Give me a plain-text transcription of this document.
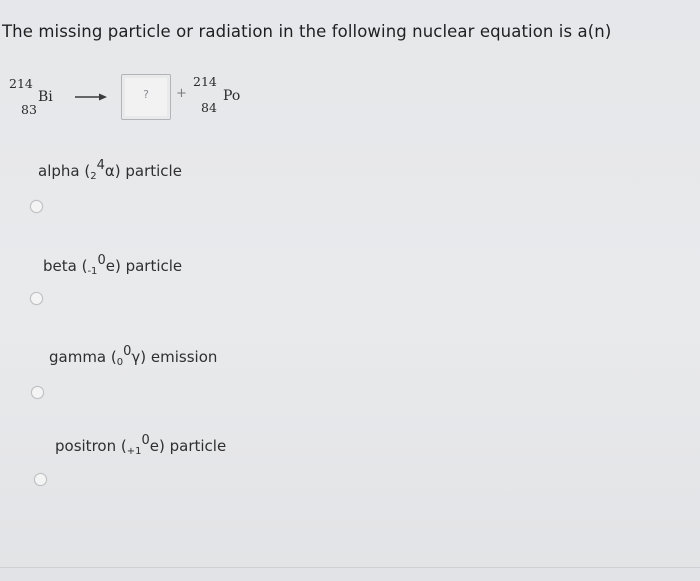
The missing particle or radiation in the following nuclear equation is a(n)
214
83
Bi	?	+
214
84
Po
alpha $(_2^4\alpha)$ particle
beta $(_{-1}^0e)$ particle
gamma $(_0^0\gamma)$ emission
positron $(_{+1}^0e)$ particle
